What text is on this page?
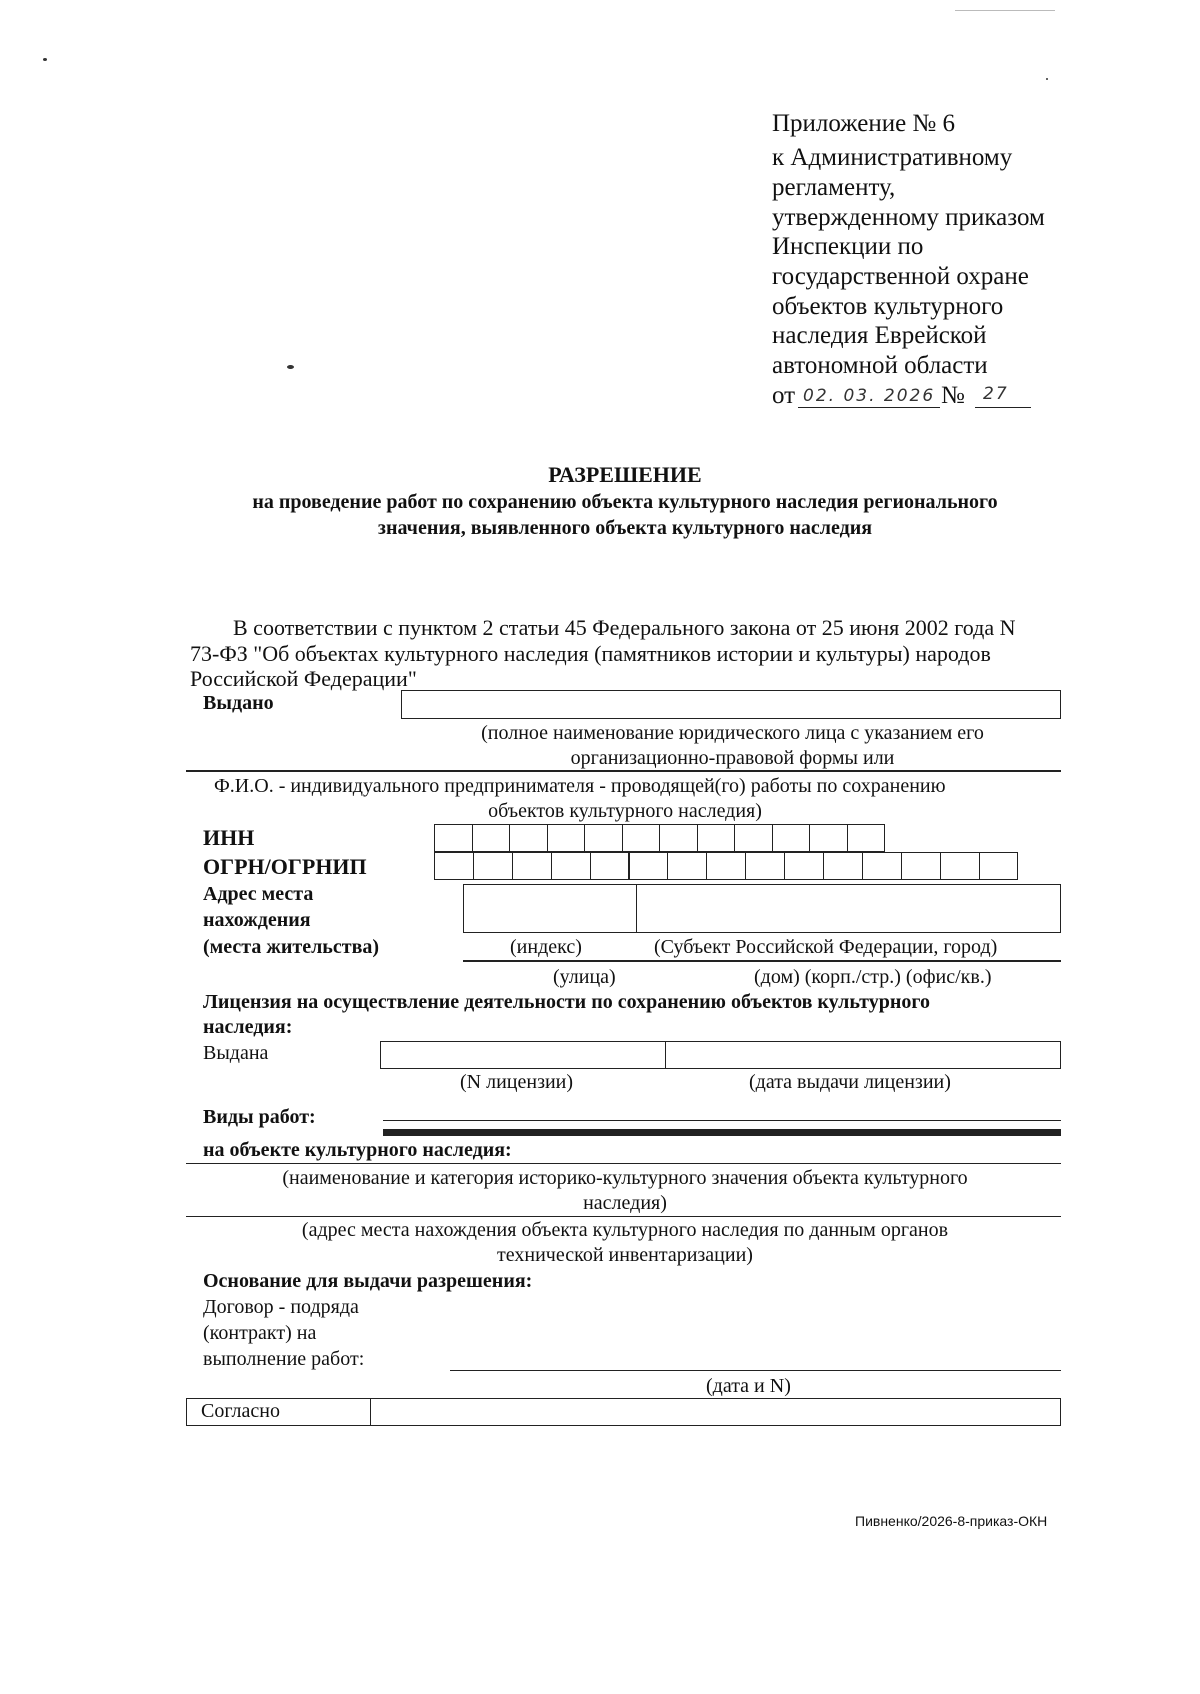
Приложение № 6
к Административному
регламенту,
утвержденному приказом
Инспекции по
государственной охране
объектов культурного
наследия Еврейской
автономной области
от 02. 03. 2026 № 27
РАЗРЕШЕНИЕ
на проведение работ по сохранению объекта культурного наследия регионального
значения, выявленного объекта культурного наследия
В соответствии с пунктом 2 статьи 45 Федерального закона от 25 июня 2002 года N
73-ФЗ "Об объектах культурного наследия (памятников истории и культуры) народов
Российской Федерации"
Выдано
(полное наименование юридического лица с указанием его
организационно-правовой формы или
Ф.И.О. - индивидуального предпринимателя - проводящей(го) работы по сохранению
объектов культурного наследия)
ИНН
ОГРН/ОГРНИП
Адрес места
нахождения
(места жительства)	(индекс)	(Субъект Российской Федерации, город)
(улица)	(дом) (корп./стр.) (офис/кв.)
Лицензия на осуществление деятельности по сохранению объектов культурного
наследия:
Выдана
(N лицензии)	(дата выдачи лицензии)
Виды работ:
на объекте культурного наследия:
(наименование и категория историко-культурного значения объекта культурного
наследия)
(адрес места нахождения объекта культурного наследия по данным органов
технической инвентаризации)
Основание для выдачи разрешения:
Договор - подряда
(контракт) на
выполнение работ:
(дата и N)
Согласно
Пивненко/2026-8-приказ-ОКН
